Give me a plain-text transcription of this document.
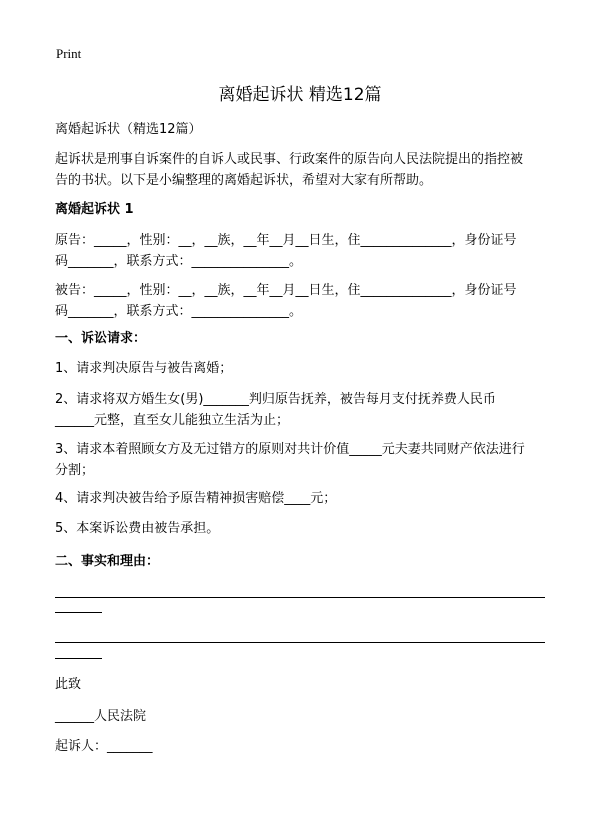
Print
离婚起诉状 精选12篇
离婚起诉状（精选12篇）
起诉状是刑事自诉案件的自诉人或民事、行政案件的原告向人民法院提出的指控被
告的书状。以下是小编整理的离婚起诉状，希望对大家有所帮助。
离婚起诉状 1
原告：_____，性别：__，__族，__年__月__日生，住______________，身份证号
码_______，联系方式：_______________。
被告：_____，性别：__，__族，__年__月__日生，住______________，身份证号
码_______，联系方式：_______________。
一、诉讼请求：
1、请求判决原告与被告离婚；
2、请求将双方婚生女(男)_______判归原告抚养，被告每月支付抚养费人民币
______元整，直至女儿能独立生活为止；
3、请求本着照顾女方及无过错方的原则对共计价值_____元夫妻共同财产依法进行
分割；
4、请求判决被告给予原告精神损害赔偿____元；
5、本案诉讼费由被告承担。
二、事实和理由：
此致
______人民法院
起诉人：_______
